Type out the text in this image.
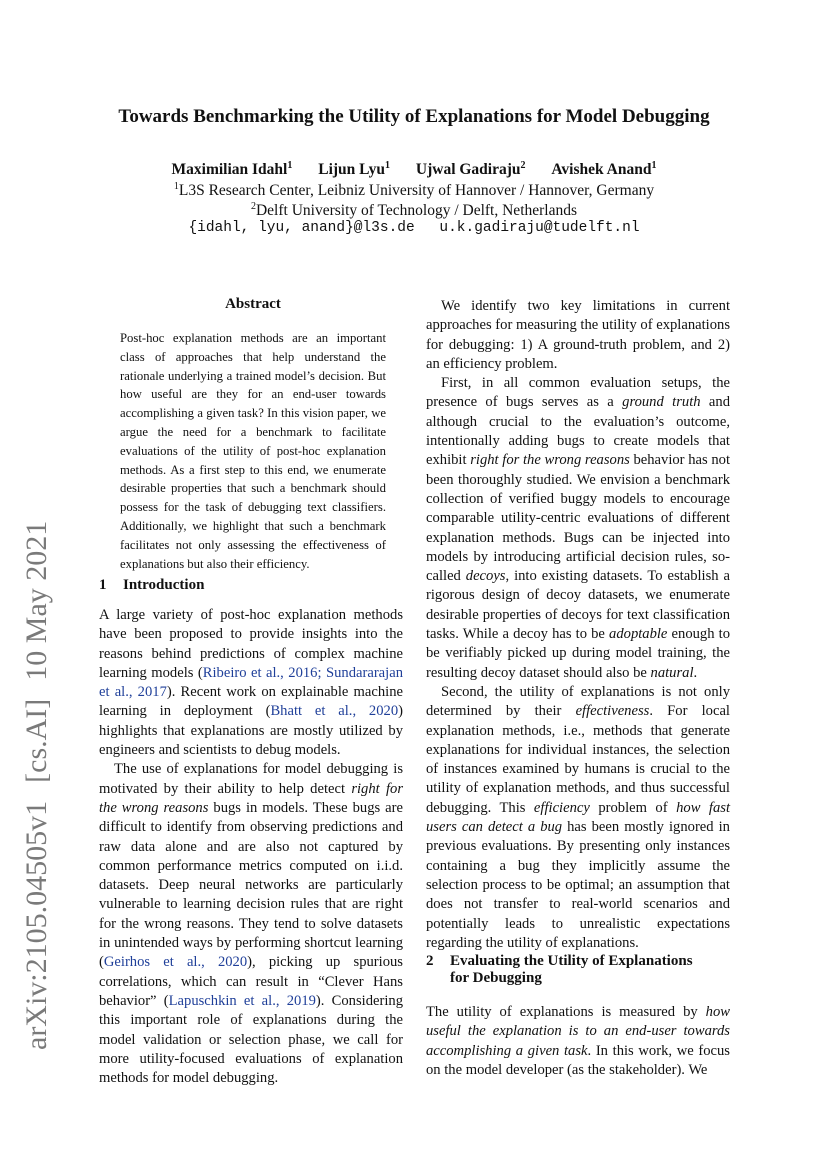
Towards Benchmarking the Utility of Explanations for Model Debugging
Maximilian Idahl$^1$ Lijun Lyu$^1$ Ujwal Gadiraju$^2$ Avishek Anand$^1$
$^1$L3S Research Center, Leibniz University of Hannover / Hannover, Germany
$^2$Delft University of Technology / Delft, Netherlands
{idahl, lyu, anand}@l3s.de u.k.gadiraju@tudelft.nl
arXiv:2105.04505v1[cs.AI]10 May 2021
Abstract
Post-hoc explanation methods are an important class of approaches that help understand the rationale underlying a trained model’s decision. But how useful are they for an end-user towards accomplishing a given task? In this vision paper, we argue the need for a benchmark to facilitate evaluations of the utility of post-hoc explanation methods. As a first step to this end, we enumerate desirable properties that such a benchmark should possess for the task of debugging text classifiers. Additionally, we highlight that such a benchmark facilitates not only assessing the effectiveness of explanations but also their efficiency.
1 Introduction

A large variety of post-hoc explanation methods have been proposed to provide insights into the reasons behind predictions of complex machine learning models (Ribeiro et al., 2016; Sundararajan et al., 2017). Recent work on explainable machine learning in deployment (Bhatt et al., 2020) highlights that explanations are mostly utilized by engineers and scientists to debug models.

The use of explanations for model debugging is motivated by their ability to help detect right for the wrong reasons bugs in models. These bugs are difficult to identify from observing predictions and raw data alone and are also not captured by common performance metrics computed on i.i.d. datasets. Deep neural networks are particularly vulnerable to learning decision rules that are right for the wrong reasons. They tend to solve datasets in unintended ways by performing shortcut learning (Geirhos et al., 2020), picking up spurious correlations, which can result in “Clever Hans behavior” (Lapuschkin et al., 2019). Considering this important role of explanations during the model validation or selection phase, we call for more utility-focused evaluations of explanation methods for model debugging.

We identify two key limitations in current approaches for measuring the utility of explanations for debugging: 1) A ground-truth problem, and 2) an efficiency problem.

First, in all common evaluation setups, the presence of bugs serves as a ground truth and although crucial to the evaluation’s outcome, intentionally adding bugs to create models that exhibit right for the wrong reasons behavior has not been thoroughly studied. We envision a benchmark collection of verified buggy models to encourage comparable utility-centric evaluations of different explanation methods. Bugs can be injected into models by introducing artificial decision rules, so-called decoys, into existing datasets. To establish a rigorous design of decoy datasets, we enumerate desirable properties of decoys for text classification tasks. While a decoy has to be adoptable enough to be verifiably picked up during model training, the resulting decoy dataset should also be natural.

Second, the utility of explanations is not only determined by their effectiveness. For local explanation methods, i.e., methods that generate explanations for individual instances, the selection of instances examined by humans is crucial to the utility of explanation methods, and thus successful debugging. This efficiency problem of how fast users can detect a bug has been mostly ignored in previous evaluations. By presenting only instances containing a bug they implicitly assume the selection process to be optimal; an assumption that does not transfer to real-world scenarios and potentially leads to unrealistic expectations regarding the utility of explanations.

2 Evaluating the Utility of Explanations
for Debugging

The utility of explanations is measured by how useful the explanation is to an end-user towards accomplishing a given task. In this work, we focus on the model developer (as the stakeholder). We
